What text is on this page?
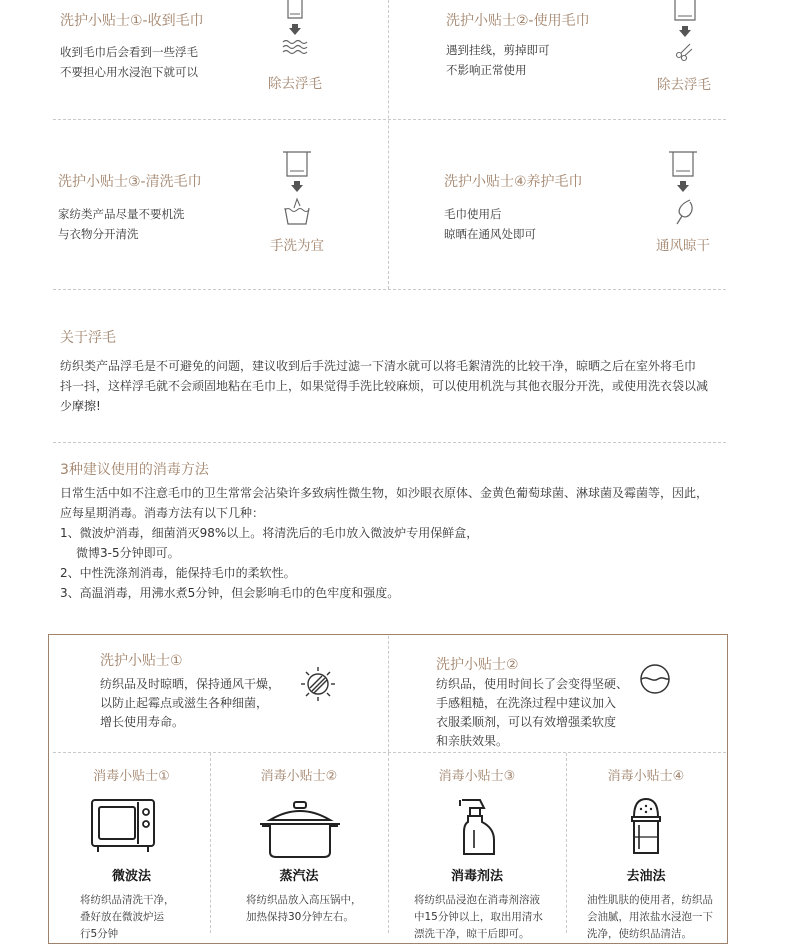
洗护小贴士①-收到毛巾
收到毛巾后会看到一些浮毛
不要担心用水浸泡下就可以
除去浮毛
洗护小贴士②-使用毛巾
遇到挂线，剪掉即可
不影响正常使用
除去浮毛
洗护小贴士③-清洗毛巾
家纺类产品尽量不要机洗
与衣物分开清洗
手洗为宜
洗护小贴士④养护毛巾
毛巾使用后
晾晒在通风处即可
通风晾干
关于浮毛

纺织类产品浮毛是不可避免的问题，建议收到后手洗过滤一下清水就可以将毛絮清洗的比较干净，晾晒之后在室外将毛巾

抖一抖，这样浮毛就不会顽固地粘在毛巾上，如果觉得手洗比较麻烦，可以使用机洗与其他衣服分开洗，或使用洗衣袋以减

少摩擦!

3种建议使用的消毒方法

日常生活中如不注意毛巾的卫生常常会沾染许多致病性微生物，如沙眼衣原体、金黄色葡萄球菌、淋球菌及霉菌等，因此，

应每星期消毒。消毒方法有以下几种：

1、微波炉消毒，细菌消灭98%以上。将清洗后的毛巾放入微波炉专用保鲜盒，

微博3-5分钟即可。

2、中性洗涤剂消毒，能保持毛巾的柔软性。

3、高温消毒，用沸水煮5分钟，但会影响毛巾的色牢度和强度。

洗护小贴士①
纺织品及时晾晒，保持通风干燥，
以防止起霉点或滋生各种细菌，
增长使用寿命。
洗护小贴士②
纺织品，使用时间长了会变得坚硬、
手感粗糙，在洗涤过程中建议加入
衣服柔顺剂，可以有效增强柔软度
和亲肤效果。
消毒小贴士①
微波法
将纺织品清洗干净，
叠好放在微波炉运
行5分钟
消毒小贴士②
蒸汽法
将纺织品放入高压锅中，
加热保持30分钟左右。
消毒小贴士③
消毒剂法
将纺织品浸泡在消毒剂溶液
中15分钟以上，取出用清水
漂洗干净，晾干后即可。
消毒小贴士④
去油法
油性肌肤的使用者，纺织品
会油腻，用浓盐水浸泡一下
洗净，使纺织品清洁。
